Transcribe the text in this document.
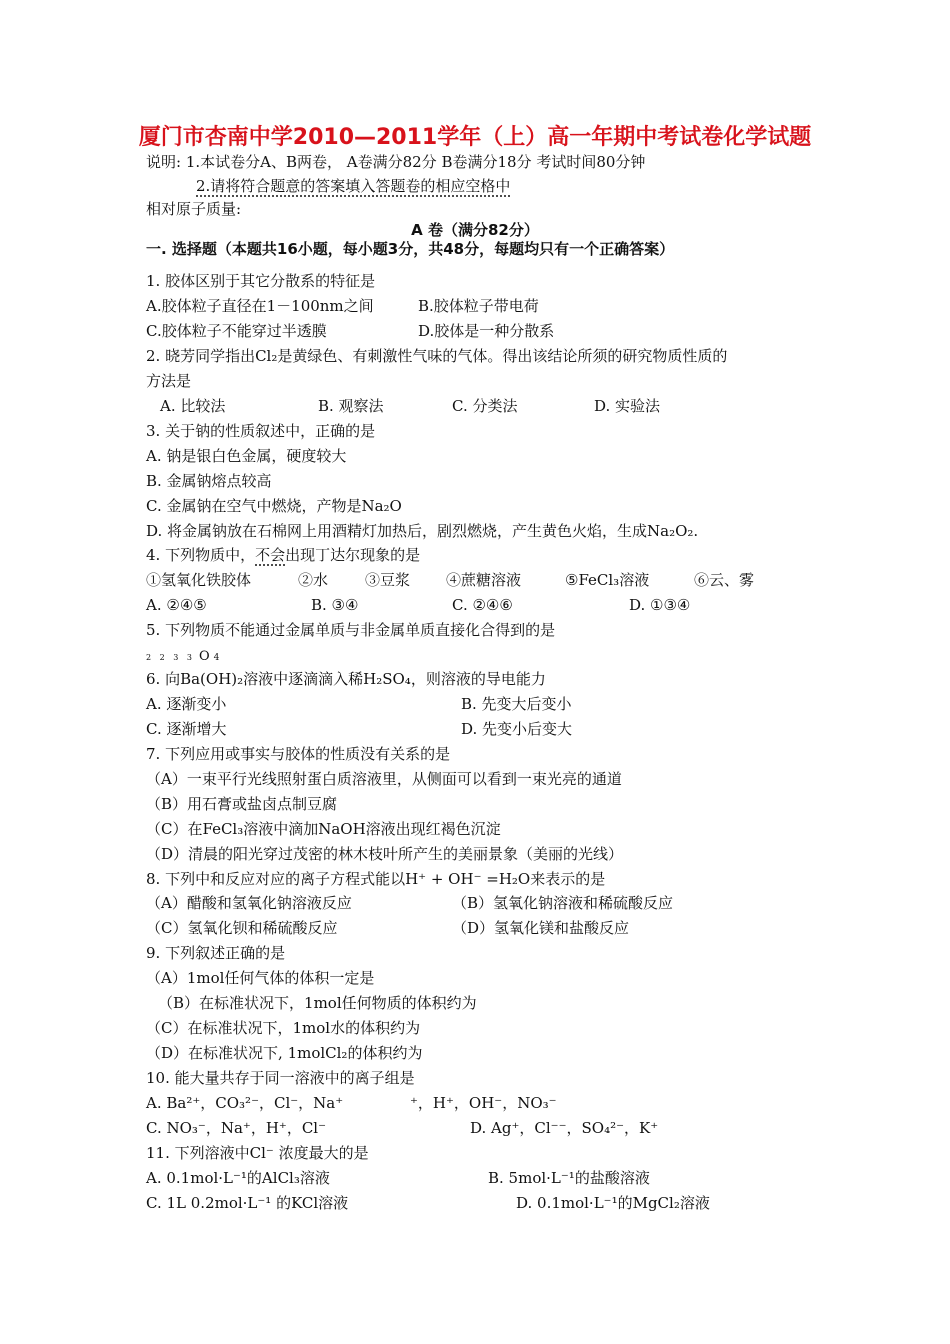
厦门市杏南中学2010—2011学年（上）高一年期中考试卷化学试题
说明: 1.本试卷分A、B两卷， A卷满分82分 B卷满分18分 考试时间80分钟
2.请将符合题意的答案填入答题卷的相应空格中
相对原子质量:
A 卷（满分82分）
一. 选择题（本题共16小题，每小题3分，共48分，每题均只有一个正确答案）
1. 胶体区别于其它分散系的特征是
A.胶体粒子直径在1－100nm之间	B.胶体粒子带电荷
C.胶体粒子不能穿过半透膜	D.胶体是一种分散系
2. 晓芳同学指出Cl₂是黄绿色、有刺激性气味的气体。得出该结论所须的研究物质性质的
方法是
A. 比较法	B. 观察法	C. 分类法	D. 实验法
3. 关于钠的性质叙述中，正确的是
A. 钠是银白色金属，硬度较大
B. 金属钠熔点较高
C. 金属钠在空气中燃烧，产物是Na₂O
D. 将金属钠放在石棉网上用酒精灯加热后，剧烈燃烧，产生黄色火焰，生成Na₂O₂.
4. 下列物质中，不会出现丁达尔现象的是
①氢氧化铁胶体	②水 ③豆浆 ④蔗糖溶液	⑤FeCl₃溶液	⑥云、雾
A. ②④⑤	B. ③④	C. ②④⑥	D. ①③④
5. 下列物质不能通过金属单质与非金属单质直接化合得到的是
2 2 3 3 O 4
6. 向Ba(OH)₂溶液中逐滴滴入稀H₂SO₄，则溶液的导电能力
A. 逐渐变小	B. 先变大后变小
C. 逐渐增大	D. 先变小后变大
7. 下列应用或事实与胶体的性质没有关系的是
（A）一束平行光线照射蛋白质溶液里，从侧面可以看到一束光亮的通道
（B）用石膏或盐卤点制豆腐
（C）在FeCl₃溶液中滴加NaOH溶液出现红褐色沉淀
（D）清晨的阳光穿过茂密的林木枝叶所产生的美丽景象（美丽的光线）
8. 下列中和反应对应的离子方程式能以H⁺ + OH⁻ =H₂O来表示的是
（A）醋酸和氢氧化钠溶液反应	（B）氢氧化钠溶液和稀硫酸反应
（C）氢氧化钡和稀硫酸反应	（D）氢氧化镁和盐酸反应
9. 下列叙述正确的是
（A）1mol任何气体的体积一定是
（B）在标准状况下，1mol任何物质的体积约为
（C）在标准状况下，1mol水的体积约为
（D）在标准状况下, 1molCl₂的体积约为
10. 能大量共存于同一溶液中的离子组是
A. Ba²⁺，CO₃²⁻，Cl⁻，Na⁺	⁺，H⁺，OH⁻，NO₃⁻
C. NO₃⁻，Na⁺，H⁺，Cl⁻	D. Ag⁺，Cl⁻⁻，SO₄²⁻，K⁺
11. 下列溶液中Cl⁻ 浓度最大的是
A. 0.1mol·L⁻¹的AlCl₃溶液	B. 5mol·L⁻¹的盐酸溶液
C. 1L 0.2mol·L⁻¹ 的KCl溶液	D. 0.1mol·L⁻¹的MgCl₂溶液
